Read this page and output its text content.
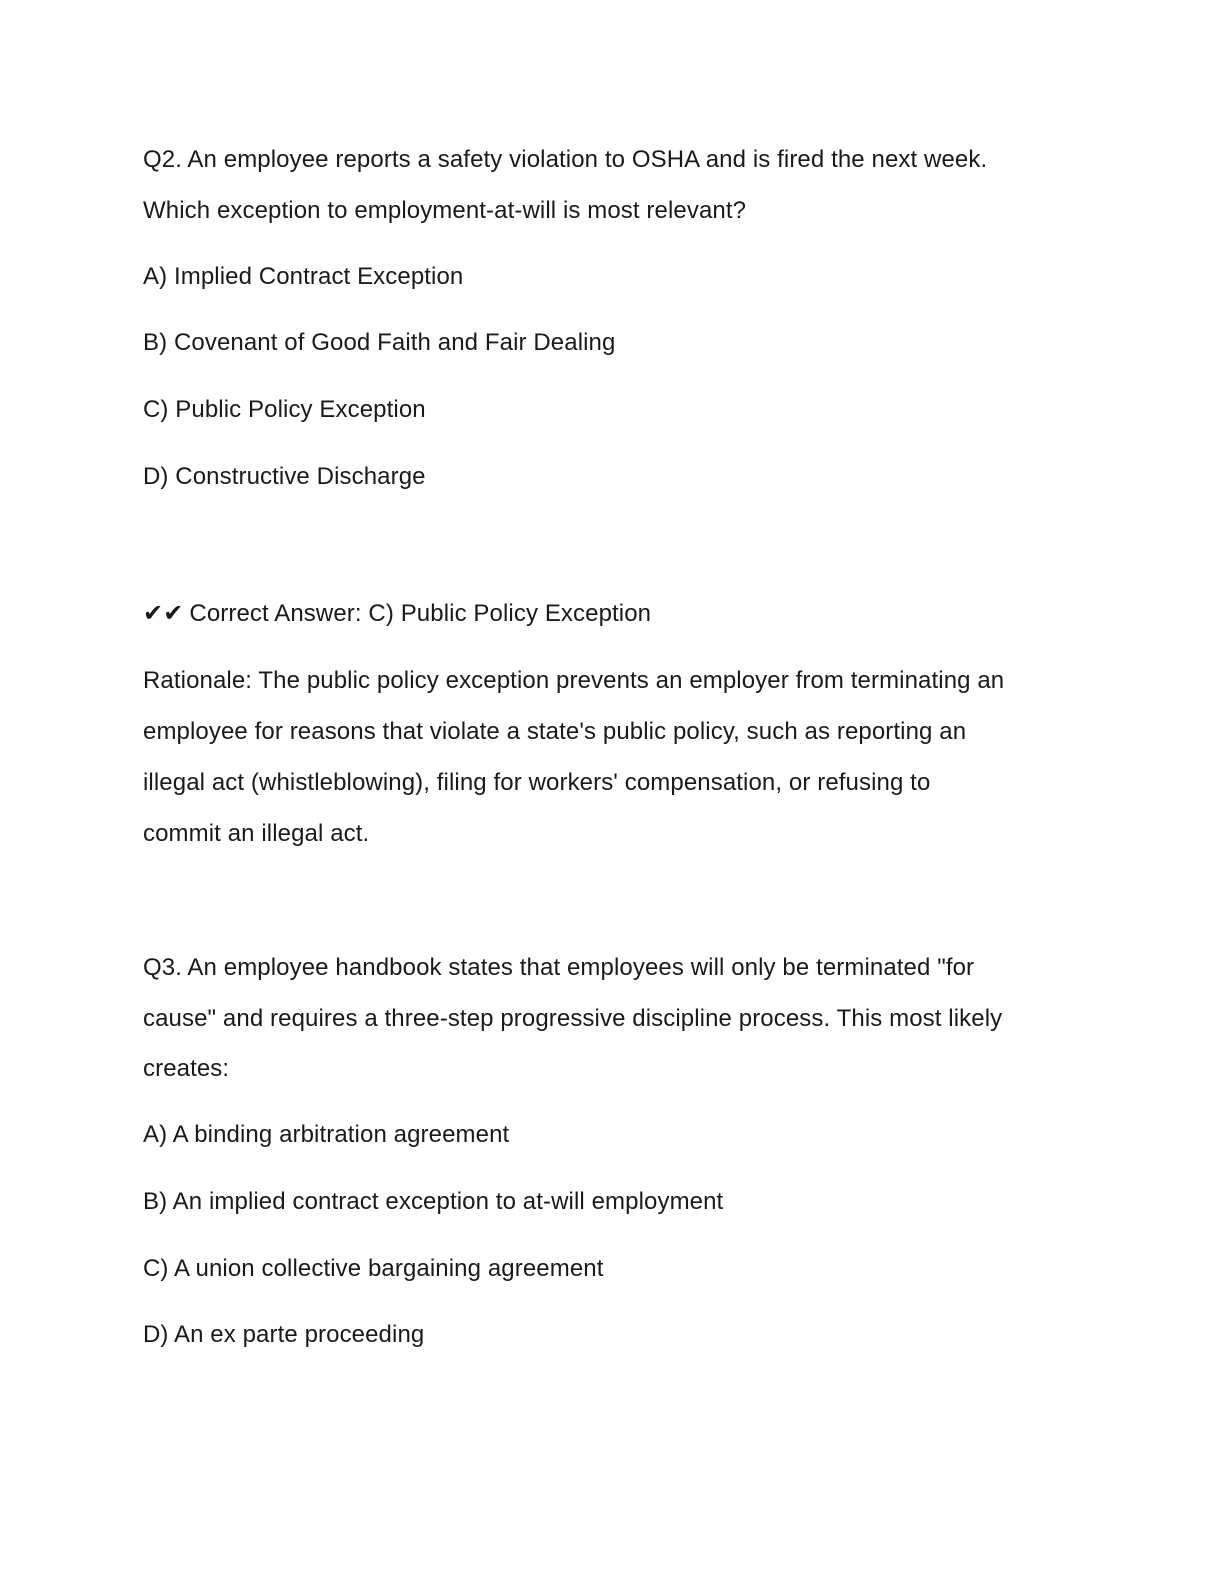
Q2. An employee reports a safety violation to OSHA and is fired the next week.
Which exception to employment-at-will is most relevant?
A) Implied Contract Exception
B) Covenant of Good Faith and Fair Dealing
C) Public Policy Exception
D) Constructive Discharge
✔✔ Correct Answer: C) Public Policy Exception
Rationale: The public policy exception prevents an employer from terminating an
employee for reasons that violate a state's public policy, such as reporting an
illegal act (whistleblowing), filing for workers' compensation, or refusing to
commit an illegal act.
Q3. An employee handbook states that employees will only be terminated "for
cause" and requires a three-step progressive discipline process. This most likely
creates:
A) A binding arbitration agreement
B) An implied contract exception to at-will employment
C) A union collective bargaining agreement
D) An ex parte proceeding
